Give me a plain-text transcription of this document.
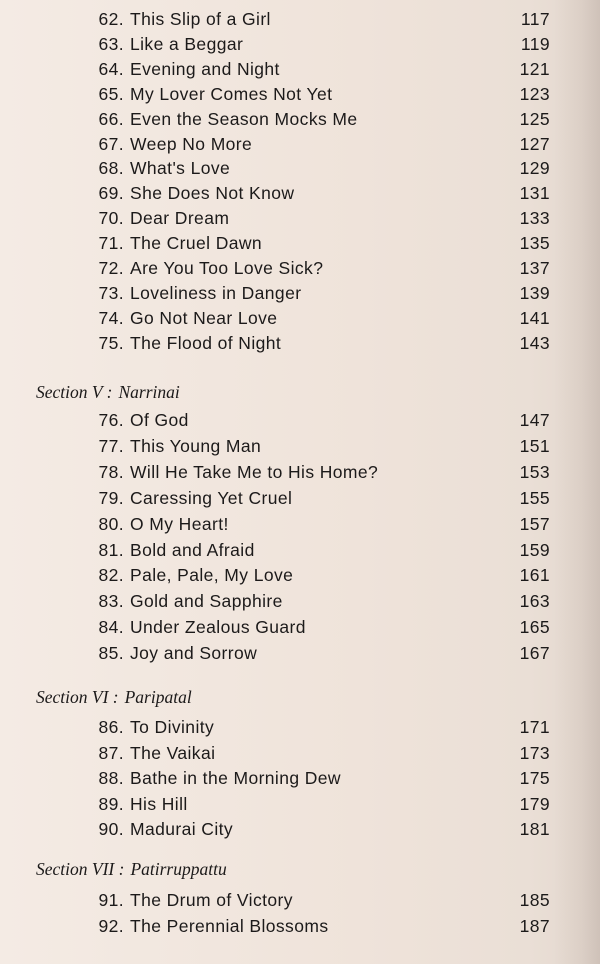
62. This Slip of a Girl	117
63. Like a Beggar	119
64. Evening and Night	121
65. My Lover Comes Not Yet	123
66. Even the Season Mocks Me	125
67. Weep No More	127
68. What's Love	129
69. She Does Not Know	131
70. Dear Dream	133
71. The Cruel Dawn	135
72. Are You Too Love Sick?	137
73. Loveliness in Danger	139
74. Go Not Near Love	141
75. The Flood of Night	143
Section V : Narrinai
76. Of God	147
77. This Young Man	151
78. Will He Take Me to His Home?	153
79. Caressing Yet Cruel	155
80. O My Heart!	157
81. Bold and Afraid	159
82. Pale, Pale, My Love	161
83. Gold and Sapphire	163
84. Under Zealous Guard	165
85. Joy and Sorrow	167
Section VI : Paripatal
86. To Divinity	171
87. The Vaikai	173
88. Bathe in the Morning Dew	175
89. His Hill	179
90. Madurai City	181
Section VII : Patirruppattu
91. The Drum of Victory	185
92. The Perennial Blossoms	187
